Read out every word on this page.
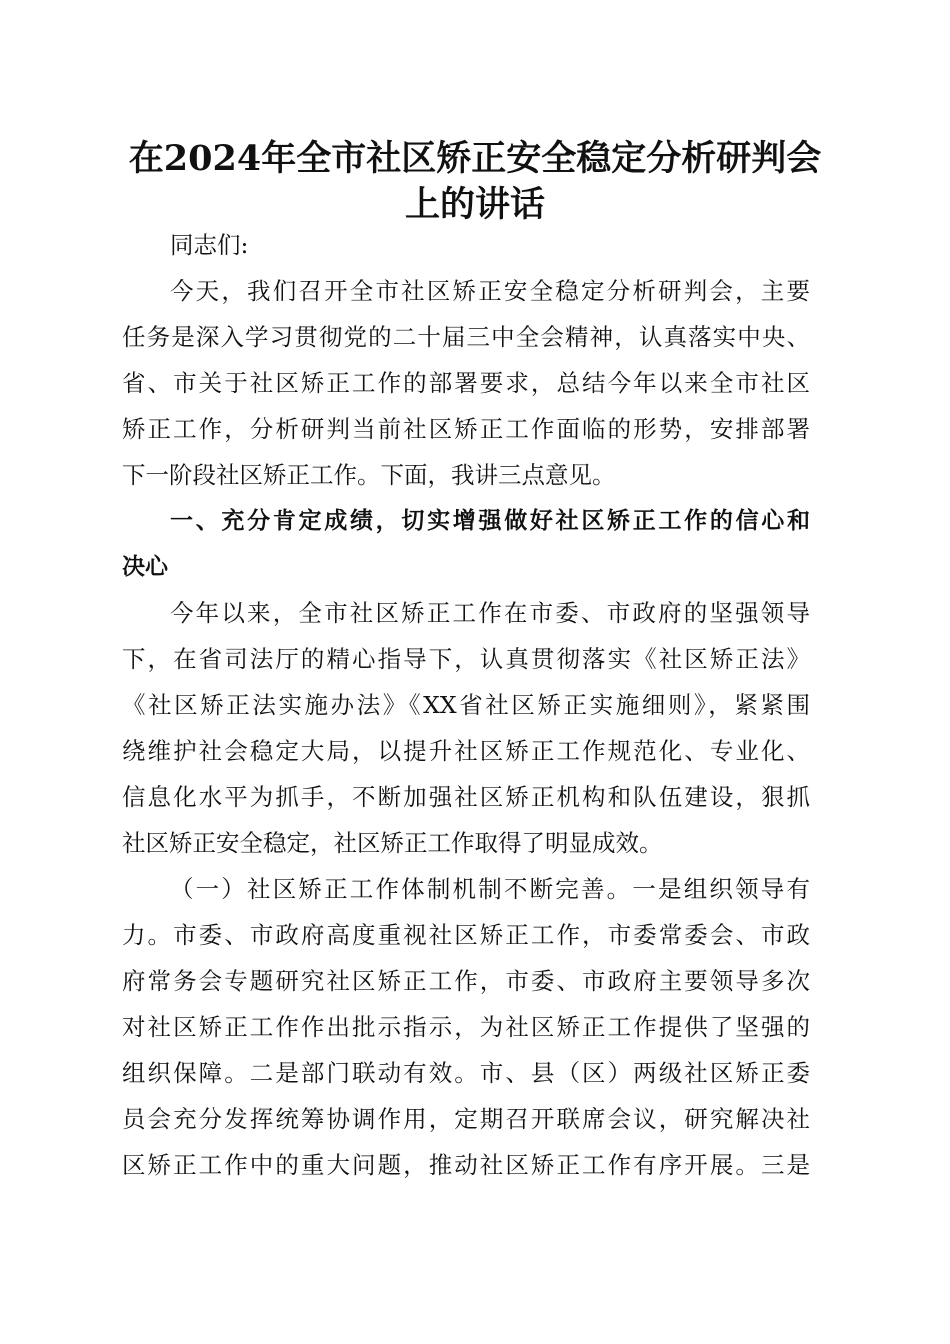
在2024年全市社区矫正安全稳定分析研判会
上的讲话
同志们:
今天，我们召开全市社区矫正安全稳定分析研判会，主要
任务是深入学习贯彻党的二十届三中全会精神，认真落实中央、
省、市关于社区矫正工作的部署要求，总结今年以来全市社区
矫正工作，分析研判当前社区矫正工作面临的形势，安排部署
下一阶段社区矫正工作。下面，我讲三点意见。
一、充分肯定成绩，切实增强做好社区矫正工作的信心和
决心
今年以来，全市社区矫正工作在市委、市政府的坚强领导
下，在省司法厅的精心指导下，认真贯彻落实《社区矫正法》
《社区矫正法实施办法》《XX省社区矫正实施细则》，紧紧围
绕维护社会稳定大局，以提升社区矫正工作规范化、专业化、
信息化水平为抓手，不断加强社区矫正机构和队伍建设，狠抓
社区矫正安全稳定，社区矫正工作取得了明显成效。
（一）社区矫正工作体制机制不断完善。一是组织领导有
力。市委、市政府高度重视社区矫正工作，市委常委会、市政
府常务会专题研究社区矫正工作，市委、市政府主要领导多次
对社区矫正工作作出批示指示，为社区矫正工作提供了坚强的
组织保障。二是部门联动有效。市、县（区）两级社区矫正委
员会充分发挥统筹协调作用，定期召开联席会议，研究解决社
区矫正工作中的重大问题，推动社区矫正工作有序开展。三是
